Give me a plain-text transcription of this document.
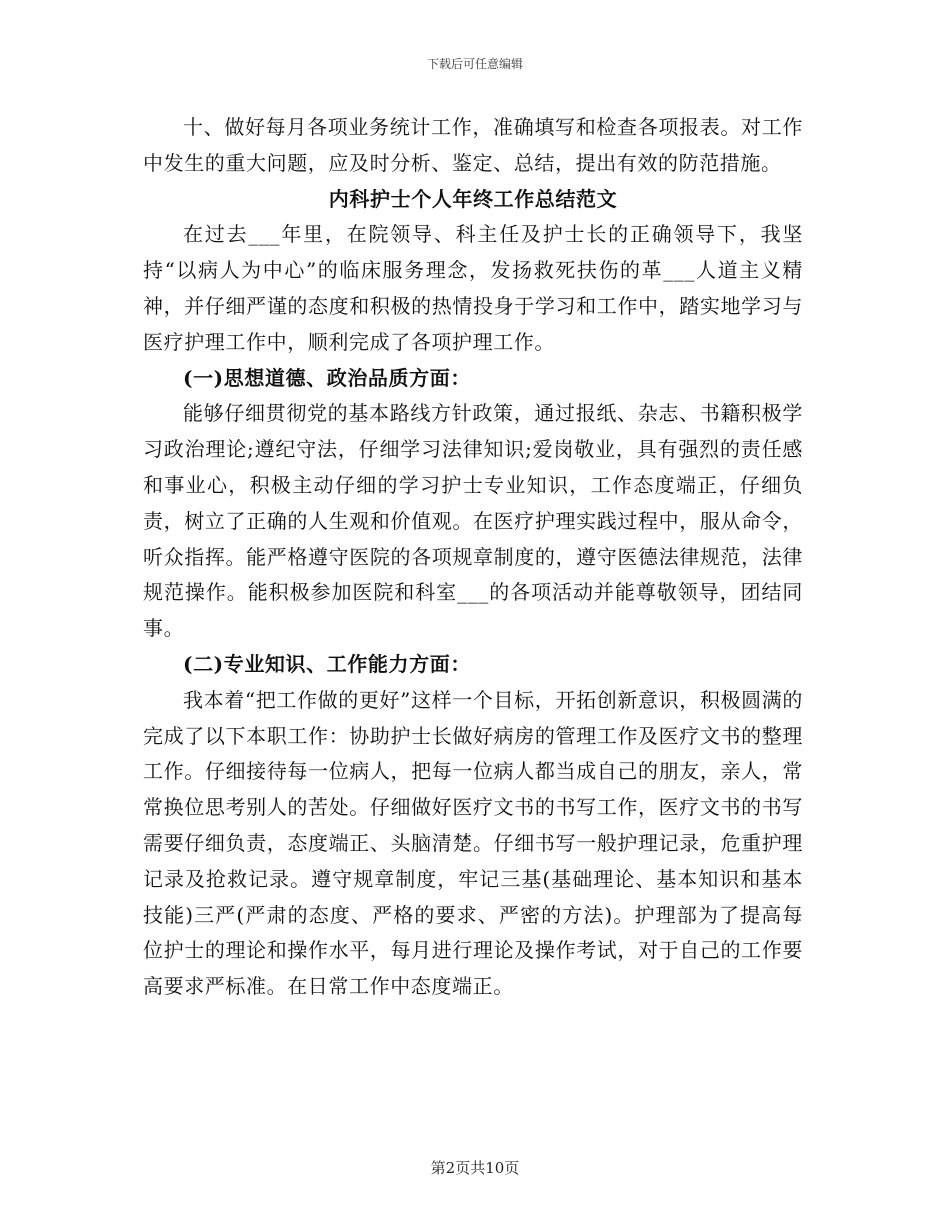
下载后可任意编辑

十、做好每月各项业务统计工作，准确填写和检查各项报表。对工作中发生的重大问题，应及时分析、鉴定、总结，提出有效的防范措施。

内科护士个人年终工作总结范文

在过去___年里，在院领导、科主任及护士长的正确领导下，我坚持“以病人为中心”的临床服务理念，发扬救死扶伤的革___人道主义精神，并仔细严谨的态度和积极的热情投身于学习和工作中，踏实地学习与医疗护理工作中，顺利完成了各项护理工作。

(一)思想道德、政治品质方面：

能够仔细贯彻党的基本路线方针政策，通过报纸、杂志、书籍积极学习政治理论;遵纪守法，仔细学习法律知识;爱岗敬业，具有强烈的责任感和事业心，积极主动仔细的学习护士专业知识，工作态度端正，仔细负责，树立了正确的人生观和价值观。在医疗护理实践过程中，服从命令，听众指挥。能严格遵守医院的各项规章制度的，遵守医德法律规范，法律规范操作。能积极参加医院和科室___的各项活动并能尊敬领导，团结同事。

(二)专业知识、工作能力方面：

我本着“把工作做的更好”这样一个目标，开拓创新意识，积极圆满的完成了以下本职工作：协助护士长做好病房的管理工作及医疗文书的整理工作。仔细接待每一位病人，把每一位病人都当成自己的朋友，亲人，常常换位思考别人的苦处。仔细做好医疗文书的书写工作，医疗文书的书写需要仔细负责，态度端正、头脑清楚。仔细书写一般护理记录，危重护理记录及抢救记录。遵守规章制度，牢记三基(基础理论、基本知识和基本技能)三严(严肃的态度、严格的要求、严密的方法)。护理部为了提高每位护士的理论和操作水平，每月进行理论及操作考试，对于自己的工作要高要求严标准。在日常工作中态度端正。

第2页共10页
